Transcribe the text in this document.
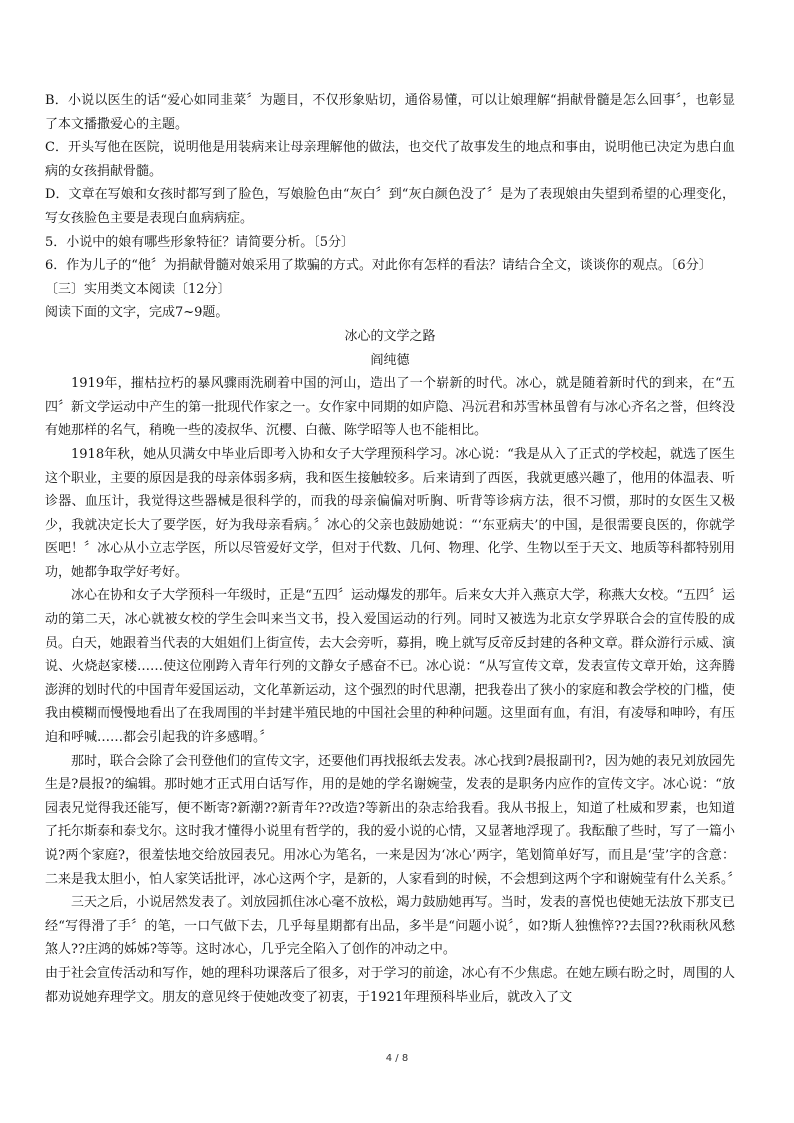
B．小说以医生的话“爱心如同韭菜〞为题目，不仅形象贴切，通俗易懂，可以让娘理解“捐献骨髓是怎么回事〞，也彰显了本文播撒爱心的主题。

C．开头写他在医院，说明他是用装病来让母亲理解他的做法，也交代了故事发生的地点和事由，说明他已决定为患白血病的女孩捐献骨髓。

D．文章在写娘和女孩时都写到了脸色，写娘脸色由“灰白〞到“灰白颜色没了〞是为了表现娘由失望到希望的心理变化，写女孩脸色主要是表现白血病病症。

5．小说中的娘有哪些形象特征？请简要分析。〔5分〕

6．作为儿子的“他〞为捐献骨髓对娘采用了欺骗的方式。对此你有怎样的看法？请结合全文，谈谈你的观点。〔6分〕

〔三〕实用类文本阅读〔12分〕

阅读下面的文字，完成7~9题。

冰心的文学之路

阎纯德

1919年，摧枯拉朽的暴风骤雨洗刷着中国的河山，造出了一个崭新的时代。冰心，就是随着新时代的到来，在“五四〞新文学运动中产生的第一批现代作家之一。女作家中同期的如庐隐、冯沅君和苏雪林虽曾有与冰心齐名之誉，但终没有她那样的名气，稍晚一些的凌叔华、沉樱、白薇、陈学昭等人也不能相比。

1918年秋，她从贝满女中毕业后即考入协和女子大学理预科学习。冰心说：“我是从入了正式的学校起，就选了医生这个职业，主要的原因是我的母亲体弱多病，我和医生接触较多。后来请到了西医，我就更感兴趣了，他用的体温表、听诊器、血压计，我觉得这些器械是很科学的，而我的母亲偏偏对听胸、听背等诊病方法，很不习惯，那时的女医生又极少，我就决定长大了要学医，好为我母亲看病。〞冰心的父亲也鼓励她说：“‘东亚病夫’的中国，是很需要良医的，你就学医吧！〞冰心从小立志学医，所以尽管爱好文学，但对于代数、几何、物理、化学、生物以至于天文、地质等科都特别用功，她都争取学好考好。

冰心在协和女子大学预科一年级时，正是“五四〞运动爆发的那年。后来女大并入燕京大学，称燕大女校。“五四〞运动的第二天，冰心就被女校的学生会叫来当文书，投入爱国运动的行列。同时又被选为北京女学界联合会的宣传股的成员。白天，她跟着当代表的大姐姐们上街宣传，去大会旁听，募捐，晚上就写反帝反封建的各种文章。群众游行示威、演说、火烧赵家楼……使这位刚跨入青年行列的文静女子感奋不已。冰心说：“从写宣传文章，发表宣传文章开始，这奔腾澎湃的划时代的中国青年爱国运动，文化革新运动，这个强烈的时代思潮，把我卷出了狭小的家庭和教会学校的门槛，使我由模糊而慢慢地看出了在我周围的半封建半殖民地的中国社会里的种种问题。这里面有血，有泪，有凌辱和呻吟，有压迫和呼喊……都会引起我的许多感喟。〞

那时，联合会除了会刊登他们的宣传文字，还要他们再找报纸去发表。冰心找到?晨报副刊?，因为她的表兄刘放园先生是?晨报?的编辑。那时她才正式用白话写作，用的是她的学名谢婉莹，发表的是职务内应作的宣传文字。冰心说：“放园表兄觉得我还能写，便不断寄?新潮??新青年??改造?等新出的杂志给我看。我从书报上，知道了杜威和罗素，也知道了托尔斯泰和泰戈尔。这时我才懂得小说里有哲学的，我的爱小说的心情，又显著地浮现了。我酝酿了些时，写了一篇小说?两个家庭?，很羞怯地交给放园表兄。用冰心为笔名，一来是因为‘冰心’两字，笔划简单好写，而且是‘莹’字的含意：二来是我太胆小，怕人家笑话批评，冰心这两个字，是新的，人家看到的时候，不会想到这两个字和谢婉莹有什么关系。〞

三天之后，小说居然发表了。刘放园抓住冰心毫不放松，竭力鼓励她再写。当时，发表的喜悦也使她无法放下那支已经“写得滑了手〞的笔，一口气做下去，几乎每星期都有出品，多半是“问题小说〞，如?斯人独憔悴??去国??秋雨秋风愁煞人??庄鸿的姊姊?等等。这时冰心，几乎完全陷入了创作的冲动之中。

由于社会宣传活动和写作，她的理科功课落后了很多，对于学习的前途，冰心有不少焦虑。在她左顾右盼之时，周围的人都劝说她弃理学文。朋友的意见终于使她改变了初衷，于1921年理预科毕业后，就改入了文

4 / 8
